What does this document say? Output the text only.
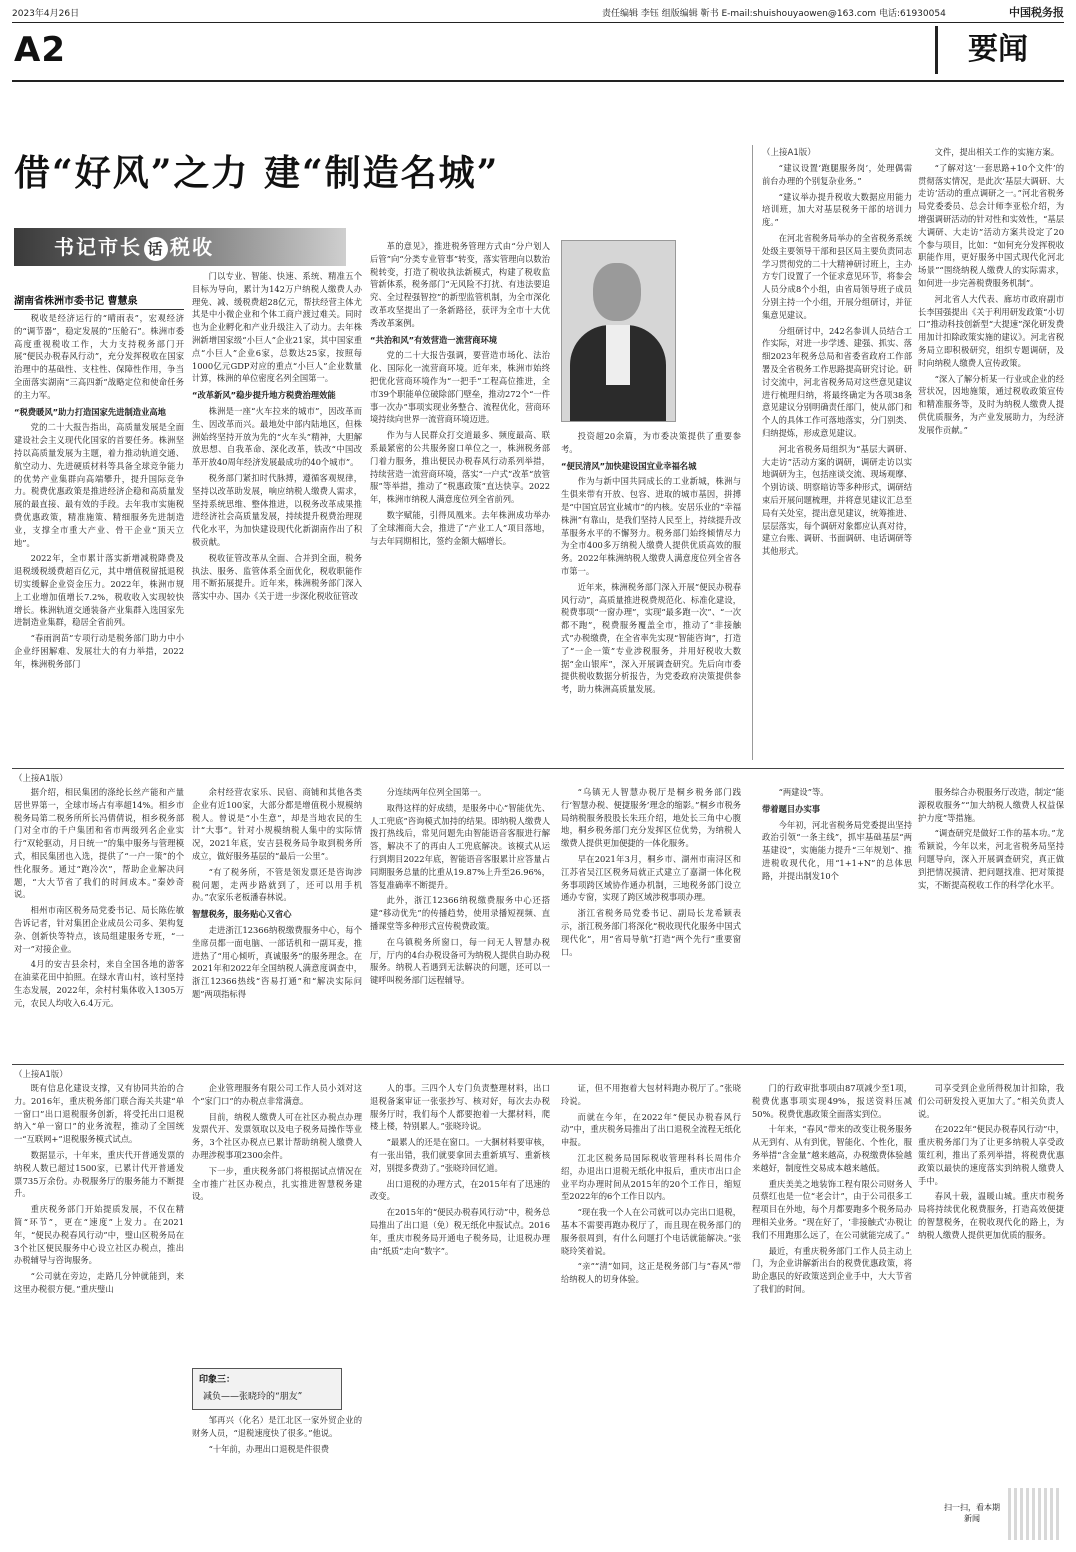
2023年4月26日	责任编辑 李钰 组版编辑 靳书 E-mail:shuishouyaowen@163.com 电话:61930054	中国税务报
A2	要闻
借“好风”之力 建“制造名城”
书记市长 话 税收
湖南省株洲市委书记 曹慧泉

税收是经济运行的“晴雨表”，宏观经济的“调节器”，稳定发展的“压舱石”。株洲市委高度重视税收工作，大力支持税务部门开展“便民办税春风行动”，充分发挥税收在国家治理中的基础性、支柱性、保障性作用，争当全面落实湖南“三高四新”战略定位和使命任务的主力军。

“税费暖风”助力打造国家先进制造业高地

党的二十大报告指出，高质量发展是全面建设社会主义现代化国家的首要任务。株洲坚持以高质量发展为主题，着力推动轨道交通、航空动力、先进硬质材料等具备全球竞争能力的优势产业集群向高端攀升，提升国际竞争力。税费优惠政策是推进经济企稳和高质量发展的最直接、最有效的手段。去年我市实施税费优惠政策，精准施策、精细服务先进制造业，支撑全市重大产业、骨干企业“顶天立地”。

2022年，全市累计落实新增减税降费及退税缓税缓费超百亿元，其中增值税留抵退税切实缓解企业资金压力。2022年，株洲市规上工业增加值增长7.2%，税收收入实现较快增长。株洲轨道交通装备产业集群入选国家先进制造业集群，稳居全省前列。

“春雨润苗”专项行动是税务部门助力中小企业纾困解难、发展壮大的有力举措，2022年，株洲税务部门

门以专业、智能、快速、系统、精准五个目标为导向，累计为142万户纳税人缴费人办理免、减、缓税费超28亿元，帮扶经营主体尤其是中小微企业和个体工商户渡过难关。同时也为企业孵化和产业升级注入了动力。去年株洲新增国家级“小巨人”企业21家，其中国家重点“小巨人”企业6家，总数达25家，按照每1000亿元GDP对应的重点“小巨人”企业数量计算，株洲的单位密度名列全国第一。

“改革新风”稳步提升地方税费治理效能

株洲是一座“火车拉来的城市”，因改革而生、因改革而兴。最地处中部内陆地区，但株洲始终坚持开放为先的“火车头”精神，大胆解放思想、自我革命、深化改革，铁改“中国改革开放40周年经济发展最成功的40个城市”。

税务部门紧扣时代脉搏，遵循客观规律，坚持以改革助发展，响应纳税人缴费人需求，坚持系统思维、整体推进，以税务改革成果推进经济社会高质量发展，持续提升税费治理现代化水平，为加快建设现代化新湖南作出了积极贡献。

税收征管改革从全面、合并到全面，税务执法、服务、监管体系全面优化，税收职能作用不断拓展提升。近年来，株洲税务部门深入落实中办、国办《关于进一步深化税收征管改

革的意见》，推进税务管理方式由“分户划人后管”向“分类专业管事”转变，落实管理向以数治税转变，打造了税收执法新模式，构建了税收监管新体系，税务部门“无风险不打扰、有违法要追究、全过程强智控”的新型监管机制，为全市深化改革攻坚提出了一条新路径，获评为全市十大优秀改革案例。

“共治和风”有效营造一流营商环境

党的二十大报告强调，要营造市场化、法治化、国际化一流营商环境。近年来，株洲市始终把优化营商环境作为“一把手”工程高位推进，全市39个职能单位破除部门壁垒，推动272个“一件事一次办”事项实现业务整合、流程优化，营商环境持续向世界一流营商环境迈进。

作为与人民群众打交道最多、频度最高、联系最紧密的公共服务窗口单位之一，株洲税务部门着力服务，推出便民办税春风行动系列举措，持续营造一流营商环境，落实“一户式”改革“放管服”等举措，推动了“税惠政策”直达快享。2022年，株洲市纳税人满意度位列全省前列。

数字赋能，引得凤凰来。去年株洲成功举办了全球湘商大会，推进了“产业工人”项目落地，与去年同期相比，签约金额大幅增长。

投资超20余篇，为市委决策提供了重要参考。

“便民清风”加快建设国宜业幸福名城

作为与新中国共同成长的工业新城，株洲与生俱来带有开放、包容、进取的城市基因，拼搏是“中国宜居宜业城市”的内核。安居乐业的“幸福株洲”有靠山，是我们坚持人民至上，持续提升改革服务水平的不懈努力。税务部门始终倾情尽力为全市400多万纳税人缴费人提供优质高效的服务。2022年株洲纳税人缴费人满意度位列全省各市第一。

近年来，株洲税务部门深入开展“便民办税春风行动”，高质量推进税费规范化、标准化建设，税费事项“一窗办理”，实现“最多跑一次”、“一次都不跑”，税费服务覆盖全市，推动了“非接触式”办税缴费，在全省率先实现“智能咨询”，打造了“一企一策”专业涉税服务，并用好税收大数据“金山银库”，深入开展调查研究。先后向市委提供税收数据分析报告，为党委政府决策提供参考，助力株洲高质量发展。

（上接A1版）

“建议设置‘跑腿服务岗’，处理偶需前台办理的个别复杂业务。”

“建议举办提升税收大数据应用能力培训班，加大对基层税务干部的培训力度。”

在河北省税务局举办的全省税务系统处级主要领导干部和县区局主要负责同志学习贯彻党的二十大精神研讨班上，主办方专门设置了一个征求意见环节，将参会人员分成8个小组，由省局领导班子成员分别主持一个小组，开展分组研讨，并征集意见建议。

分组研讨中，242名参训人员结合工作实际，对进一步学透、建强、抓实、落细2023年税务总局和省委省政府工作部署及全省税务工作思路提高研究讨论。研讨交流中，河北省税务局对这些意见建议进行梳理归纳，将最终确定为各项38条意见建议分别明确责任部门，使从部门和个人的具体工作可落地落实，分门别类、归纳提炼，形成意见建议。

河北省税务局组织为“基层大调研、大走访”活动方案的调研，调研走访以实地调研为主，包括座谈交流、现场观摩、个别访谈、明察暗访等多种形式，调研结束后开展问题梳理，并将意见建议汇总至局有关处室，提出意见建议，统筹推进、层层落实，每个调研对象都应认真对待，建立台账、调研、书面调研、电话调研等其他形式。

文件，提出相关工作的实施方案。

“了解对这‘一套思路+10个文件’的贯彻落实情况，是此次‘基层大调研、大走访’活动的重点调研之一。”河北省税务局党委委员、总会计师李亚松介绍，为增强调研活动的针对性和实效性，“基层大调研、大走访”活动方案共设定了20个参与项目，比如：“如何充分发挥税收职能作用，更好服务中国式现代化河北场景”“围绕纳税人缴费人的实际需求，如何进一步完善税费服务机制”。

河北省人大代表、廊坊市政府副市长李国强提出《关于利用研发政策“小切口”推动科技创新型“大提速”深化研发费用加计扣除政策实施的建议》。河北省税务局立即积极研究，组织专题调研，及时向纳税人缴费人宣传政策。

“深入了解分析某一行业或企业的经营状况，因地施策，通过税收政策宣传和精准服务等，及时为纳税人缴费人提供优质服务，为产业发展助力，为经济发展作贡献。”

（上接A1版）

据介绍，相民集团的涤纶长丝产能和产量居世界第一，全球市场占有率超14%。相乡市税务局第二税务所所长冯倩倩说，相乡税务部门对全市的千户集团和省市两级列名企业实行“双轮驱动，月日统一”的集中服务与管理模式，相民集团也入选，提供了“一户一策”的个性化服务。通过“跑冷次”，帮助企业解决问题，“大大节省了我们的时间成本。”秦妙奇说。

相州市南区税务局党委书记、局长陈佐敏告诉记者，针对集团企业成员公司多、架构复杂、创新快等特点，该局组建服务专班，“一对一”对接企业。

4月的安吉县余村，来自全国各地的游客在油菜花田中拍照。在绿水青山村，该村坚持生态发展，2022年，余村村集体收入1305万元，农民人均收入6.4万元。

余村经营农家乐、民宿、商铺和其他各类企业有近100家，大部分都是增值税小规模纳税人。曾说是“小生意”，却是当地农民的生计“大事”。针对小规模纳税人集中的实际情况，2021年底，安吉县税务局争取到税务所成立，做好服务基层的“最后一公里”。

“有了税务所，不管是领发票还是咨询涉税问题，走两步路就到了，还可以用手机办。”农家乐老板潘春林说。

智慧税务，服务贴心又省心

走进浙江12366纳税缴费服务中心，每个坐席员都一面电脑、一部话机和一副耳麦，推进热了“用心倾听，真诚服务”的服务理念。在2021年和2022年全国纳税人满意度调查中，浙江12366热线“咨易打通”和“解决实际问题”两项指标得

分连续两年位列全国第一。

取得这样的好成绩，是服务中心“智能优先、人工兜底”咨询模式加持的结果。即纳税人缴费人拨打热线后，常见问题先由智能语音客服进行解答，解决不了的再由人工兜底解决。该模式从运行到期目2022年底，智能语音客服累计应答量占同期服务总量的比重从19.87%上升至26.96%，答复准确率不断提升。

此外，浙江12366纳税缴费服务中心还搭建“移动优先”的传播趋势，使用录播短视频、直播课堂等多种形式宣传税费政策。

在乌镇税务所窗口，每一问无人智慧办税厅，厅内的4台办税设备可为纳税人提供自助办税服务。纳税人若遇到无法解决的问题，还可以一键呼叫税务部门远程辅导。

“乌镇无人智慧办税厅是桐乡税务部门践行‘智慧办税、便捷服务’理念的缩影。”桐乡市税务局纳税服务股股长朱珏介绍，地处长三角中心腹地，桐乡税务部门充分发挥区位优势，为纳税人缴费人提供更加便捷的一体化服务。

早在2021年3月，桐乡市、湖州市南浔区和江苏省吴江区税务局就正式建立了嘉湖一体化税务事项跨区域协作通办机制，三地税务部门设立通办专窗，实现了跨区域涉税事项办理。

浙江省税务局党委书记、副局长龙希颖表示，浙江税务部门将深化“税收现代化服务中国式现代化”，用“省局导航”打造“两个先行”重要窗口。

“两建设”等。

带着题目办实事

今年初，河北省税务局党委提出坚持政治引领“一条主线”，抓牢基础基层“两基建设”，实施能力提升“三年规划”、推进税收现代化，用“1+1+N”的总体思路，并提出制发10个

服务综合办税服务厅改造，制定“能源税收服务”“加大纳税人缴费人权益保护力度”等措施。

“调查研究是做好工作的基本功。”龙希颖说，今年以来，河北省税务局坚持问题导向，深入开展调查研究，真正做到把情况摸清、把问题找准、把对策提实，不断提高税收工作的科学化水平。

（上接A1版）

既有信息化建设支撑，又有协同共治的合力。2016年，重庆税务部门联合海关共建“单一窗口”出口退税服务创新，将受托出口退税纳入“单一窗口”的业务流程，推动了全国统一“互联网+”退税服务模式试点。

数据显示，十年来，重庆代开普通发票的纳税人数已超过1500家，已累计代开普通发票735万余份。办税服务厅的服务能力不断提升。

重庆税务部门开始提质发展，不仅在精简“环节”，更在“速度”上发力。在2021年，“便民办税春风行动”中，璧山区税务局在3个社区便民服务中心设立社区办税点，推出办税辅导与咨询服务。

“公司就在旁边，走路几分钟就能到，来这里办税很方便。”重庆璧山

企业管理服务有限公司工作人员小刘对这个“家门口”的办税点非常满意。

目前，纳税人缴费人可在社区办税点办理发票代开、发票领取以及电子税务局操作等业务，3个社区办税点已累计帮助纳税人缴费人办理涉税事项2300余件。

下一步，重庆税务部门将根据试点情况在全市推广社区办税点，扎实推进智慧税务建设。

印象三：
减负——张晓玲的“朋友”

邹再兴（化名）是江北区一家外贸企业的财务人员，“退税速度快了很多。”他说。

“十年前，办理出口退税是件很费

人的事。三四个人专门负责整理材料，出口退税备案审证一张张抄写、核对好，每次去办税服务厅时，我们每个人都要抱着一大摞材料，爬楼上楼，特别累人。”张晓玲说。

“最累人的还是在窗口。一大捆材料要审核，有一张出错，我们就要拿回去重新填写、重新核对，别提多费劲了。”张晓玲回忆道。

出口退税的办理方式，在2015年有了迅速的改变。

在2015年的“便民办税春风行动”中，税务总局推出了出口退（免）税无纸化申报试点。2016年，重庆市税务局开通电子税务局，让退税办理由“纸质”走向“数字”。

证，但不用抱着大包材料跑办税厅了。”张晓玲说。

而就在今年，在2022年“便民办税春风行动”中，重庆税务局推出了出口退税全流程无纸化申报。

江北区税务局国际税收管理科科长周伟介绍，办退出口退税无纸化申报后，重庆市出口企业平均办理时间从2015年的20个工作日，缩短至2022年的6个工作日以内。

“现在我一个人在公司就可以办完出口退税，基本不需要再跑办税厅了，而且现在税务部门的服务很周到，有什么问题打个电话就能解决。”张晓玲笑着说。

“亲”“清”如同，这正是税务部门与“春风”带给纳税人的切身体验。

门的行政审批事项由87项减少至1项，税费优惠事项实现49%，报送资料压减50%。税费优惠政策全面落实到位。

十年来，“春风”带来的改变让税务服务从无到有、从有到优，智能化、个性化，服务举措“含金量”越来越高，办税缴费体验越来越好，制度性交易成本越来越低。

重庆美美之地装饰工程有限公司财务人员蔡红也是一位“老会计”，由于公司很多工程项目在外地，每个月都要跑多个税务局办理相关业务。“现在好了，‘非接触式’办税让我们不用跑那么远了，在公司就能完成了。”

最近，有重庆税务部门工作人员主动上门，为企业讲解新出台的税费优惠政策，将助企惠民的好政策送到企业手中，大大节省了我们的时间。

司享受到企业所得税加计扣除，我们公司研发投入更加大了。”相关负责人说。

在2022年“便民办税春风行动”中，重庆税务部门为了让更多纳税人享受政策红利，推出了系列举措，将税费优惠政策以最快的速度落实到纳税人缴费人手中。

春风十载，温暖山城。重庆市税务局将持续优化税费服务，打造高效便捷的智慧税务，在税收现代化的路上，为纳税人缴费人提供更加优质的服务。

扫一扫，看本期新闻
